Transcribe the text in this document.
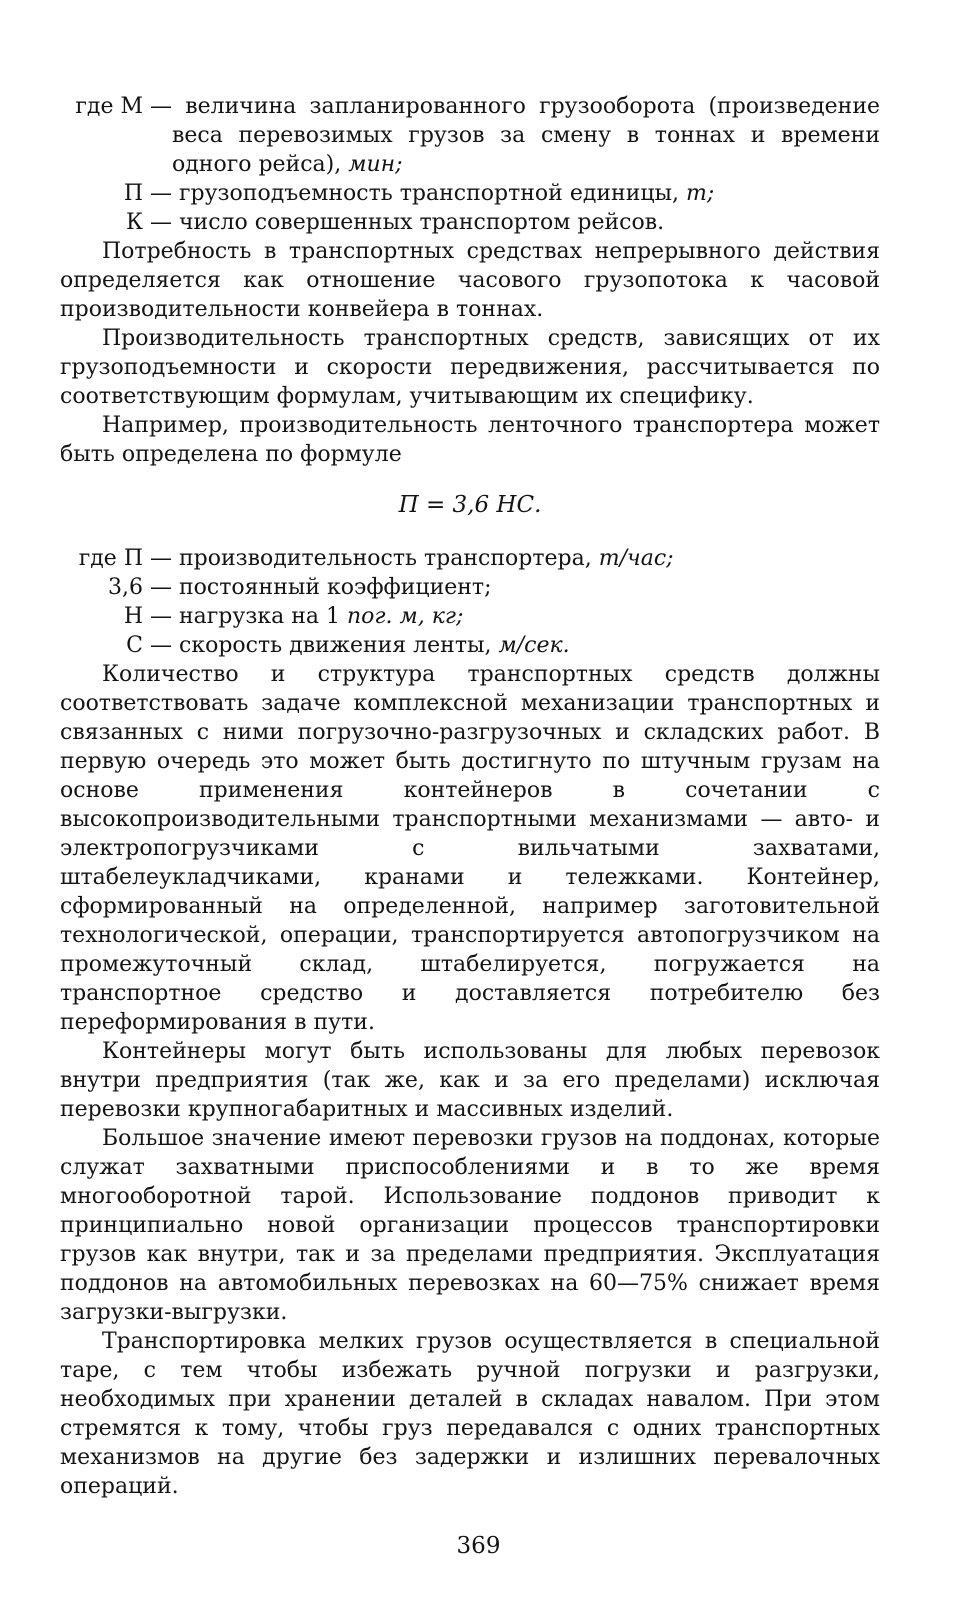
где М — величина запланированного грузооборота (произведение веса перевозимых грузов за смену в тоннах и времени одного рейса), мин;
П — грузоподъемность транспортной единицы, т;
К — число совершенных транспортом рейсов.

Потребность в транспортных средствах непрерывного действия определяется как отношение часового грузопотока к часовой производительности конвейера в тоннах.

Производительность транспортных средств, зависящих от их грузоподъемности и скорости передвижения, рассчитывается по соответствующим формулам, учитывающим их специфику.

Например, производительность ленточного транспортера может быть определена по формуле

П = 3,6 НС.
где П — производительность транспортера, т/час;
3,6 — постоянный коэффициент;
Н — нагрузка на 1 пог. м, кг;
С — скорость движения ленты, м/сек.

Количество и структура транспортных средств должны соответствовать задаче комплексной механизации транспортных и связанных с ними погрузочно-разгрузочных и складских работ. В первую очередь это может быть достигнуто по штучным грузам на основе применения контейнеров в сочетании с высокопроизводительными транспортными механизмами — авто- и электропогрузчиками с вильчатыми захватами, штабелеукладчиками, кранами и тележками. Контейнер, сформированный на определенной, например заготовительной технологической, операции, транспортируется автопогрузчиком на промежуточный склад, штабелируется, погружается на транспортное средство и доставляется потребителю без переформирования в пути.

Контейнеры могут быть использованы для любых перевозок внутри предприятия (так же, как и за его пределами) исключая перевозки крупногабаритных и массивных изделий.

Большое значение имеют перевозки грузов на поддонах, которые служат захватными приспособлениями и в то же время многооборотной тарой. Использование поддонов приводит к принципиально новой организации процессов транспортировки грузов как внутри, так и за пределами предприятия. Эксплуатация поддонов на автомобильных перевозках на 60—75% снижает время загрузки-выгрузки.

Транспортировка мелких грузов осуществляется в специальной таре, с тем чтобы избежать ручной погрузки и разгрузки, необходимых при хранении деталей в складах навалом. При этом стремятся к тому, чтобы груз передавался с одних транспортных механизмов на другие без задержки и излишних перевалочных операций.

369
